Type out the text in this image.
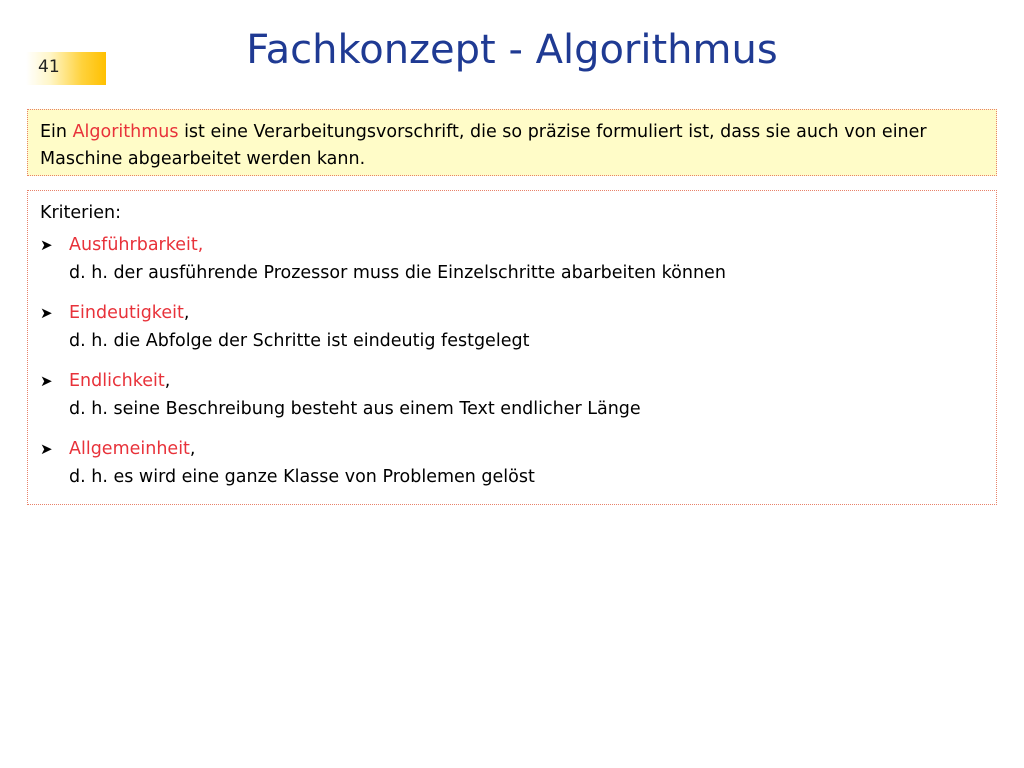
41	Fachkonzept - Algorithmus
Ein Algorithmus ist eine Verarbeitungsvorschrift, die so präzise formuliert ist, dass sie auch von einer Maschine abgearbeitet werden kann.
Kriterien:
➤ Ausführbarkeit,
d. h. der ausführende Prozessor muss die Einzelschritte abarbeiten können
➤ Eindeutigkeit,
d. h. die Abfolge der Schritte ist eindeutig festgelegt
➤ Endlichkeit,
d. h. seine Beschreibung besteht aus einem Text endlicher Länge
➤ Allgemeinheit,
d. h. es wird eine ganze Klasse von Problemen gelöst
